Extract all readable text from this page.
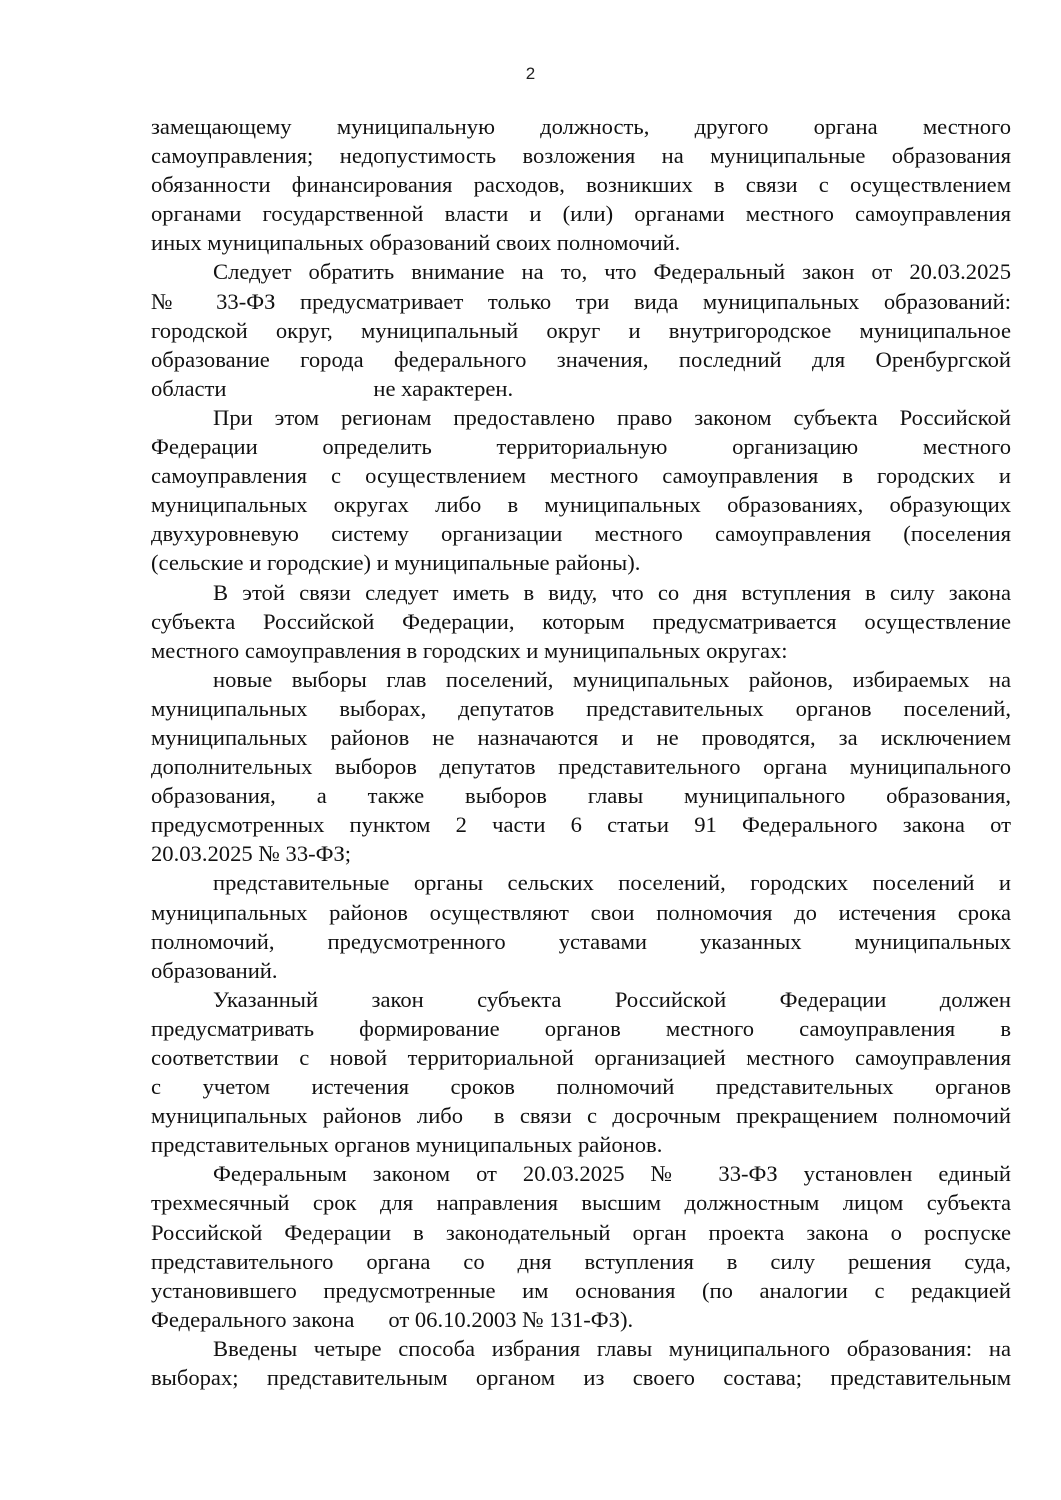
2
замещающему муниципальную должность, другого органа местного
самоуправления; недопустимость возложения на муниципальные образования
обязанности финансирования расходов, возникших в связи с осуществлением
органами государственной власти и (или) органами местного самоуправления
иных муниципальных образований своих полномочий.
Следует обратить внимание на то, что Федеральный закон от 20.03.2025
№ 33-ФЗ предусматривает только три вида муниципальных образований:
городской округ, муниципальный округ и внутригородское муниципальное
образование города федерального значения, последний для Оренбургской
области                          не характерен.
При этом регионам предоставлено право законом субъекта Российской
Федерации определить территориальную организацию местного
самоуправления с осуществлением местного самоуправления в городских и
муниципальных округах либо в муниципальных образованиях, образующих
двухуровневую систему организации местного самоуправления (поселения
(сельские и городские) и муниципальные районы).
В этой связи следует иметь в виду, что со дня вступления в силу закона
субъекта Российской Федерации, которым предусматривается осуществление
местного самоуправления в городских и муниципальных округах:
новые выборы глав поселений, муниципальных районов, избираемых на
муниципальных выборах, депутатов представительных органов поселений,
муниципальных районов не назначаются и не проводятся, за исключением
дополнительных выборов депутатов представительного органа муниципального
образования, а также выборов главы муниципального образования,
предусмотренных пунктом 2 части 6 статьи 91 Федерального закона от
20.03.2025 № 33-ФЗ;
представительные органы сельских поселений, городских поселений и
муниципальных районов осуществляют свои полномочия до истечения срока
полномочий, предусмотренного уставами указанных муниципальных
образований.
Указанный закон субъекта Российской Федерации должен
предусматривать формирование органов местного самоуправления в
соответствии с новой территориальной организацией местного самоуправления
с учетом истечения сроков полномочий представительных органов
муниципальных районов либо  в связи с досрочным прекращением полномочий
представительных органов муниципальных районов.
Федеральным законом от 20.03.2025 № 33-ФЗ установлен единый
трехмесячный срок для направления высшим должностным лицом субъекта
Российской Федерации в законодательный орган проекта закона о роспуске
представительного органа со дня вступления в силу решения суда,
установившего предусмотренные им основания (по аналогии с редакцией
Федерального закона      от 06.10.2003 № 131-ФЗ).
Введены четыре способа избрания главы муниципального образования: на
выборах; представительным органом из своего состава; представительным
